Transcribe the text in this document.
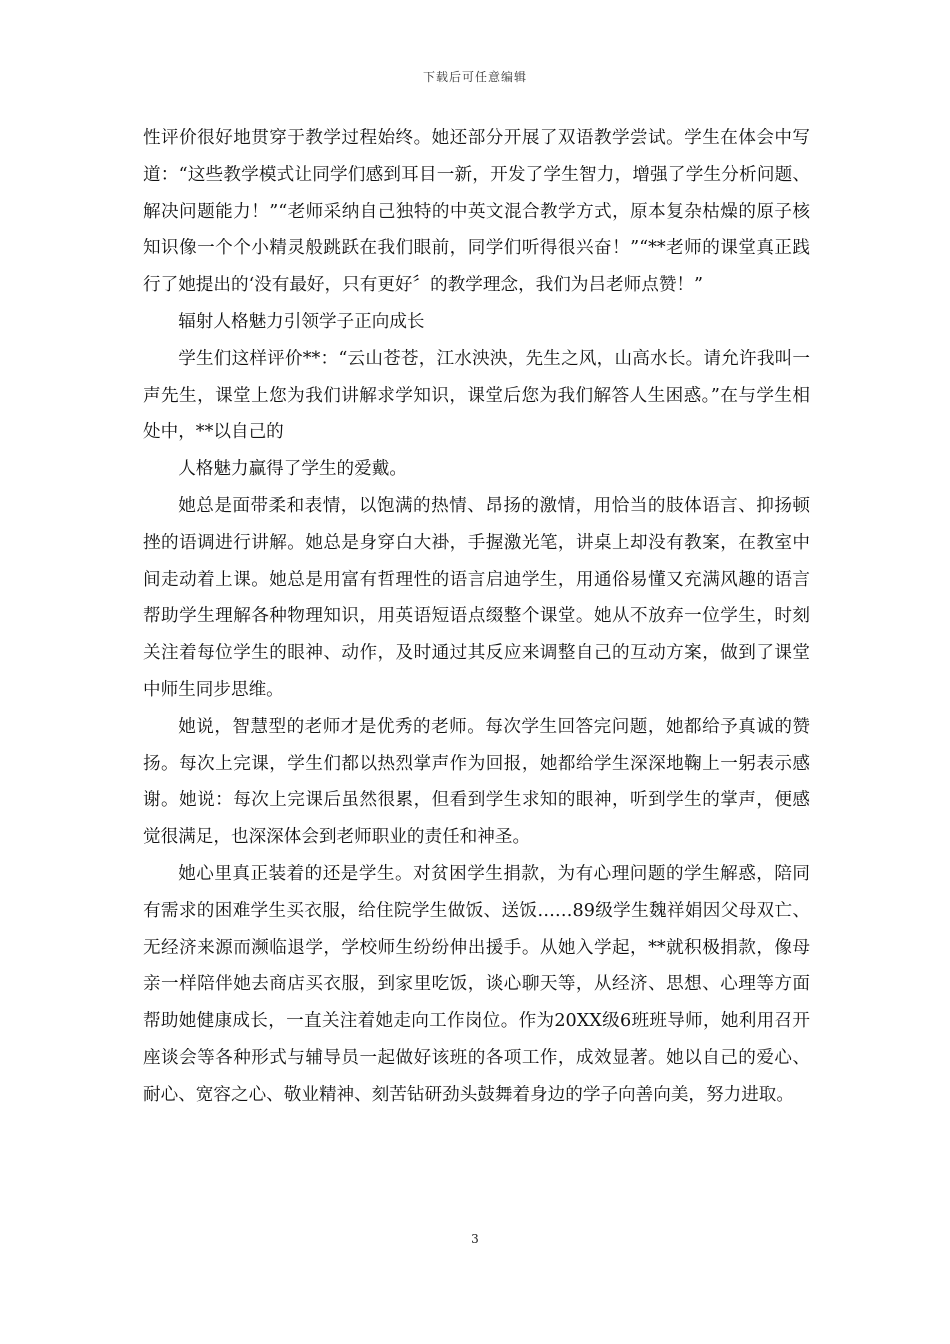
下载后可任意编辑

性评价很好地贯穿于教学过程始终。她还部分开展了双语教学尝试。学生在体会中写道：“这些教学模式让同学们感到耳目一新，开发了学生智力，增强了学生分析问题、解决问题能力！”“老师采纳自己独特的中英文混合教学方式，原本复杂枯燥的原子核知识像一个个小精灵般跳跃在我们眼前，同学们听得很兴奋！”“**老师的课堂真正践行了她提出的‘没有最好，只有更好〞的教学理念，我们为吕老师点赞！”

辐射人格魅力引领学子正向成长

学生们这样评价**：“云山苍苍，江水泱泱，先生之风，山高水长。请允许我叫一声先生，课堂上您为我们讲解求学知识，课堂后您为我们解答人生困惑。”在与学生相处中，**以自己的

人格魅力赢得了学生的爱戴。

她总是面带柔和表情，以饱满的热情、昂扬的激情，用恰当的肢体语言、抑扬顿挫的语调进行讲解。她总是身穿白大褂，手握激光笔，讲桌上却没有教案，在教室中间走动着上课。她总是用富有哲理性的语言启迪学生，用通俗易懂又充满风趣的语言帮助学生理解各种物理知识，用英语短语点缀整个课堂。她从不放弃一位学生，时刻关注着每位学生的眼神、动作，及时通过其反应来调整自己的互动方案，做到了课堂中师生同步思维。

她说，智慧型的老师才是优秀的老师。每次学生回答完问题，她都给予真诚的赞扬。每次上完课，学生们都以热烈掌声作为回报，她都给学生深深地鞠上一躬表示感谢。她说：每次上完课后虽然很累，但看到学生求知的眼神，听到学生的掌声，便感觉很满足，也深深体会到老师职业的责任和神圣。

她心里真正装着的还是学生。对贫困学生捐款，为有心理问题的学生解惑，陪同有需求的困难学生买衣服，给住院学生做饭、送饭……89级学生魏祥娟因父母双亡、无经济来源而濒临退学，学校师生纷纷伸出援手。从她入学起，**就积极捐款，像母亲一样陪伴她去商店买衣服，到家里吃饭，谈心聊天等，从经济、思想、心理等方面帮助她健康成长，一直关注着她走向工作岗位。作为20XX级6班班导师，她利用召开座谈会等各种形式与辅导员一起做好该班的各项工作，成效显著。她以自己的爱心、耐心、宽容之心、敬业精神、刻苦钻研劲头鼓舞着身边的学子向善向美，努力进取。

3
